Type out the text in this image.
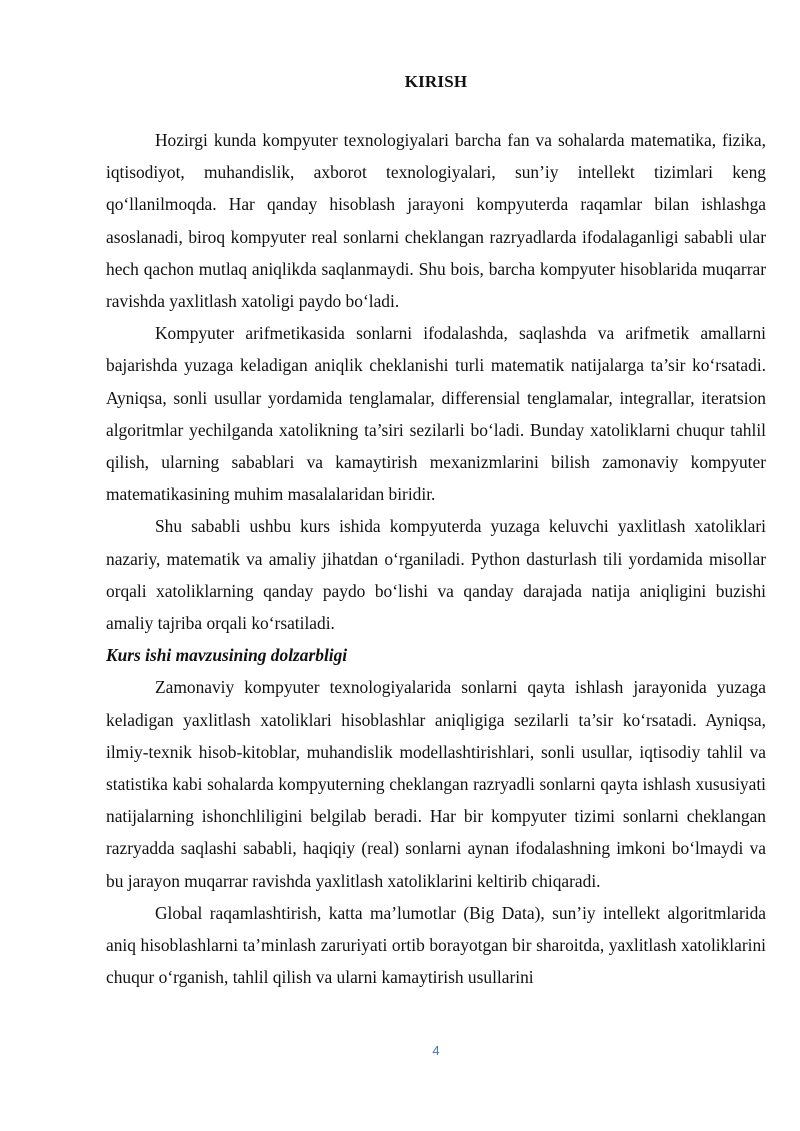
KIRISH

Hozirgi kunda kompyuter texnologiyalari barcha fan va sohalarda matematika, fizika, iqtisodiyot, muhandislik, axborot texnologiyalari, sun’iy intellekt tizimlari keng qo‘llanilmoqda. Har qanday hisoblash jarayoni kompyuterda raqamlar bilan ishlashga asoslanadi, biroq kompyuter real sonlarni cheklangan razryadlarda ifodalaganligi sababli ular hech qachon mutlaq aniqlikda saqlanmaydi. Shu bois, barcha kompyuter hisoblarida muqarrar ravishda yaxlitlash xatoligi paydo bo‘ladi.

Kompyuter arifmetikasida sonlarni ifodalashda, saqlashda va arifmetik amallarni bajarishda yuzaga keladigan aniqlik cheklanishi turli matematik natijalarga ta’sir ko‘rsatadi. Ayniqsa, sonli usullar yordamida tenglamalar, differensial tenglamalar, integrallar, iteratsion algoritmlar yechilganda xatolikning ta’siri sezilarli bo‘ladi. Bunday xatoliklarni chuqur tahlil qilish, ularning sabablari va kamaytirish mexanizmlarini bilish zamonaviy kompyuter matematikasining muhim masalalaridan biridir.

Shu sababli ushbu kurs ishida kompyuterda yuzaga keluvchi yaxlitlash xatoliklari nazariy, matematik va amaliy jihatdan o‘rganiladi. Python dasturlash tili yordamida misollar orqali xatoliklarning qanday paydo bo‘lishi va qanday darajada natija aniqligini buzishi amaliy tajriba orqali ko‘rsatiladi.

Kurs ishi mavzusining dolzarbligi

Zamonaviy kompyuter texnologiyalarida sonlarni qayta ishlash jarayonida yuzaga keladigan yaxlitlash xatoliklari hisoblashlar aniqligiga sezilarli ta’sir ko‘rsatadi. Ayniqsa, ilmiy-texnik hisob-kitoblar, muhandislik modellashtirishlari, sonli usullar, iqtisodiy tahlil va statistika kabi sohalarda kompyuterning cheklangan razryadli sonlarni qayta ishlash xususiyati natijalarning ishonchliligini belgilab beradi. Har bir kompyuter tizimi sonlarni cheklangan razryadda saqlashi sababli, haqiqiy (real) sonlarni aynan ifodalashning imkoni bo‘lmaydi va bu jarayon muqarrar ravishda yaxlitlash xatoliklarini keltirib chiqaradi.

Global raqamlashtirish, katta ma’lumotlar (Big Data), sun’iy intellekt algoritmlarida aniq hisoblashlarni ta’minlash zaruriyati ortib borayotgan bir sharoitda, yaxlitlash xatoliklarini chuqur o‘rganish, tahlil qilish va ularni kamaytirish usullarini

4
